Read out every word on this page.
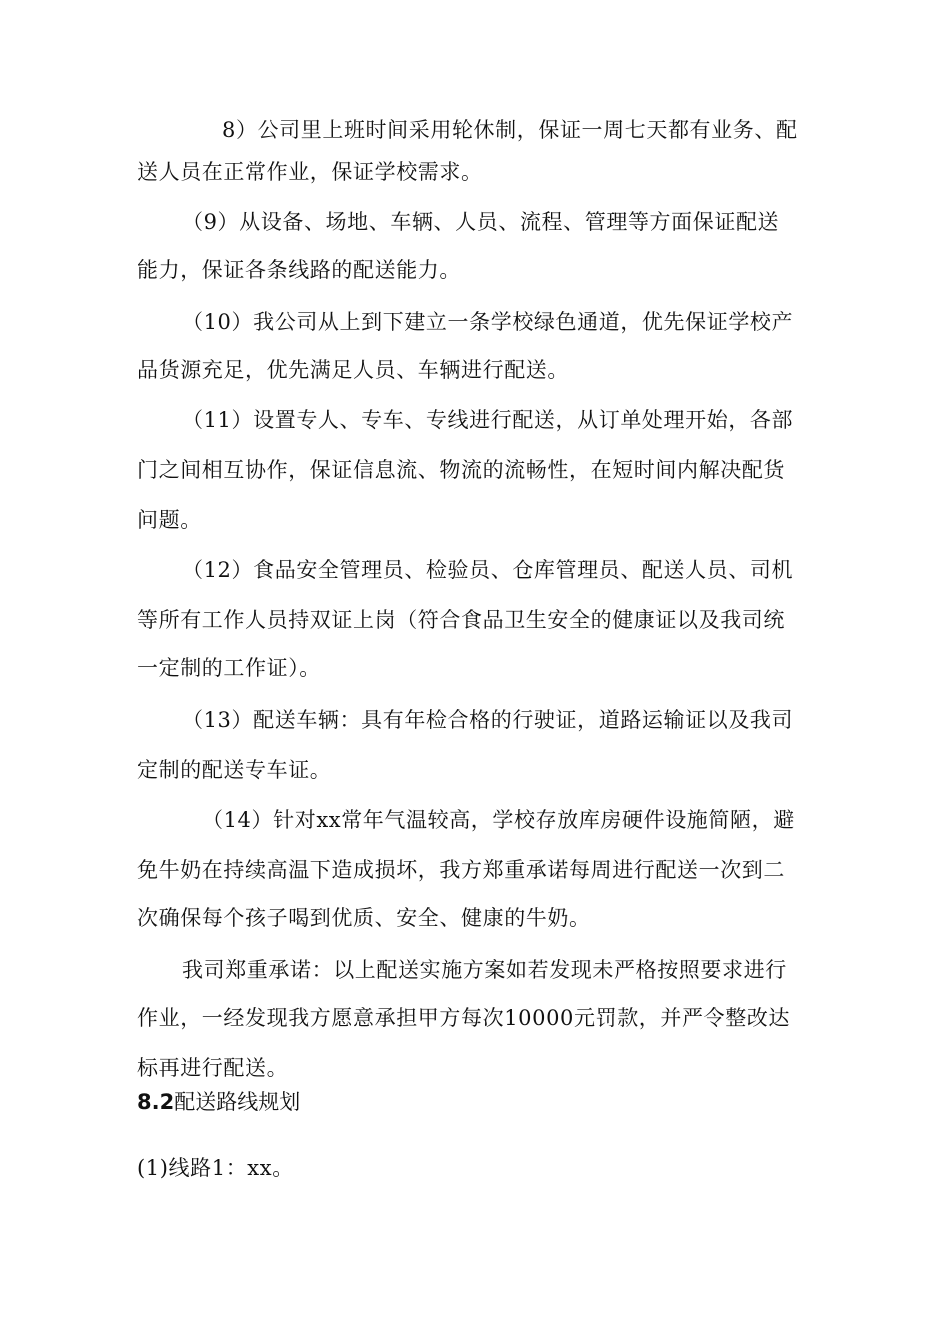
8）公司里上班时间采用轮休制，保证一周七天都有业务、配
送人员在正常作业，保证学校需求。
（9）从设备、场地、车辆、人员、流程、管理等方面保证配送
能力，保证各条线路的配送能力。
（10）我公司从上到下建立一条学校绿色通道，优先保证学校产
品货源充足，优先满足人员、车辆进行配送。
（11）设置专人、专车、专线进行配送，从订单处理开始，各部
门之间相互协作，保证信息流、物流的流畅性，在短时间内解决配货
问题。
（12）食品安全管理员、检验员、仓库管理员、配送人员、司机
等所有工作人员持双证上岗（符合食品卫生安全的健康证以及我司统
一定制的工作证）。
（13）配送车辆：具有年检合格的行驶证，道路运输证以及我司
定制的配送专车证。
（14）针对xx常年气温较高，学校存放库房硬件设施简陋，避
免牛奶在持续高温下造成损坏，我方郑重承诺每周进行配送一次到二
次确保每个孩子喝到优质、安全、健康的牛奶。
我司郑重承诺：以上配送实施方案如若发现未严格按照要求进行
作业，一经发现我方愿意承担甲方每次10000元罚款，并严令整改达
标再进行配送。
8.2配送路线规划
(1)线路1：xx。
